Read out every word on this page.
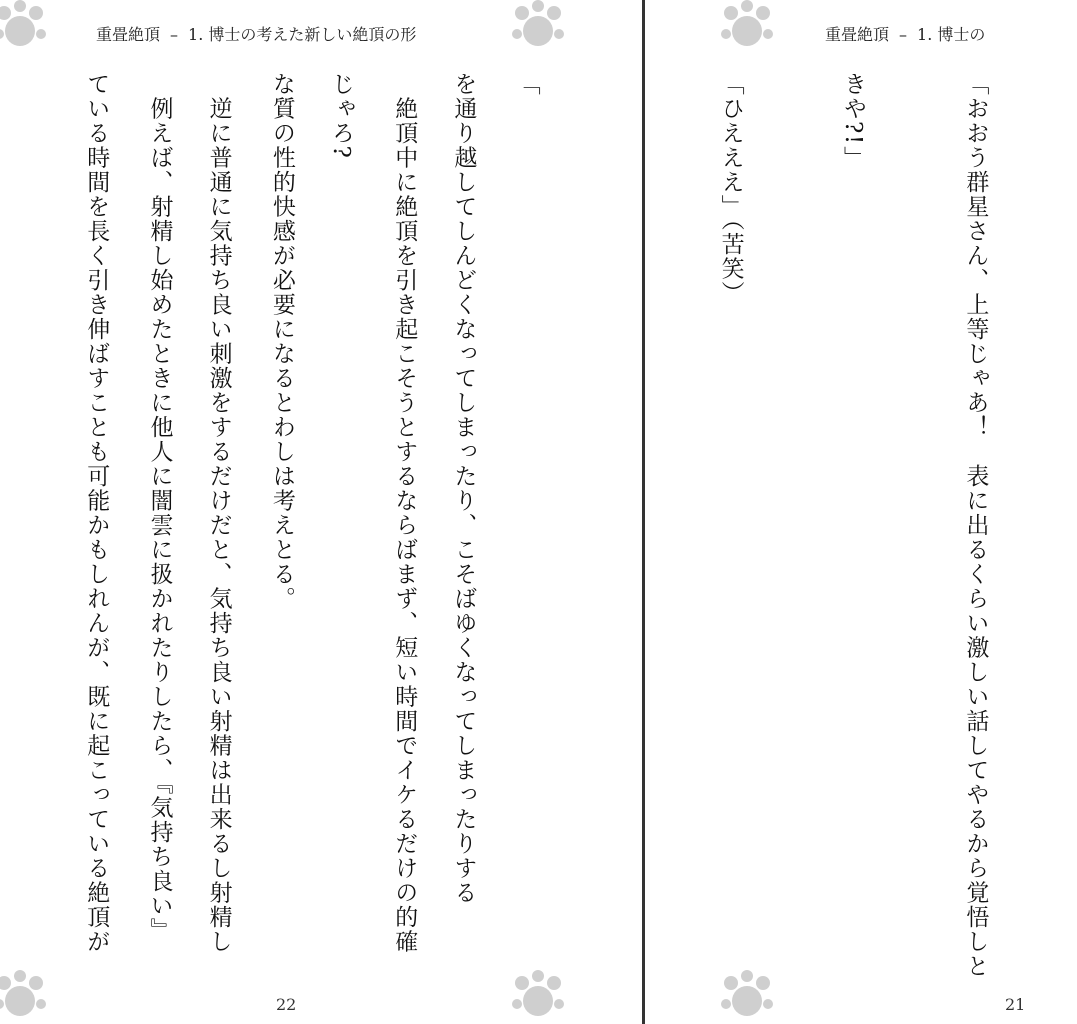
重畳絶頂 – 1. 博士の考えた新しい絶頂の形

を通り越してしんどくなってしまったり、こそばゆくなってしまったりする

じゃろ?

　逆に普通に気持ち良い刺激をするだけだと、気持ち良い射精は出来るし射精し

ている時間を長く引き伸ばすことも可能かもしれんが、既に起こっている絶頂が

22
重畳絶頂 – 1. 博士の

「おおう群星さん、上等じゃあ！　表に出るくらい激しい話してやるから覚悟しと

きや?!」

「ひえええ」（苦笑）

「

　絶頂中に絶頂を引き起こそうとするならばまず、短い時間でイケるだけの的確

な質の性的快感が必要になるとわしは考えとる。

　例えば、射精し始めたときに他人に闇雲に扱かれたりしたら、『気持ち良い』

21
